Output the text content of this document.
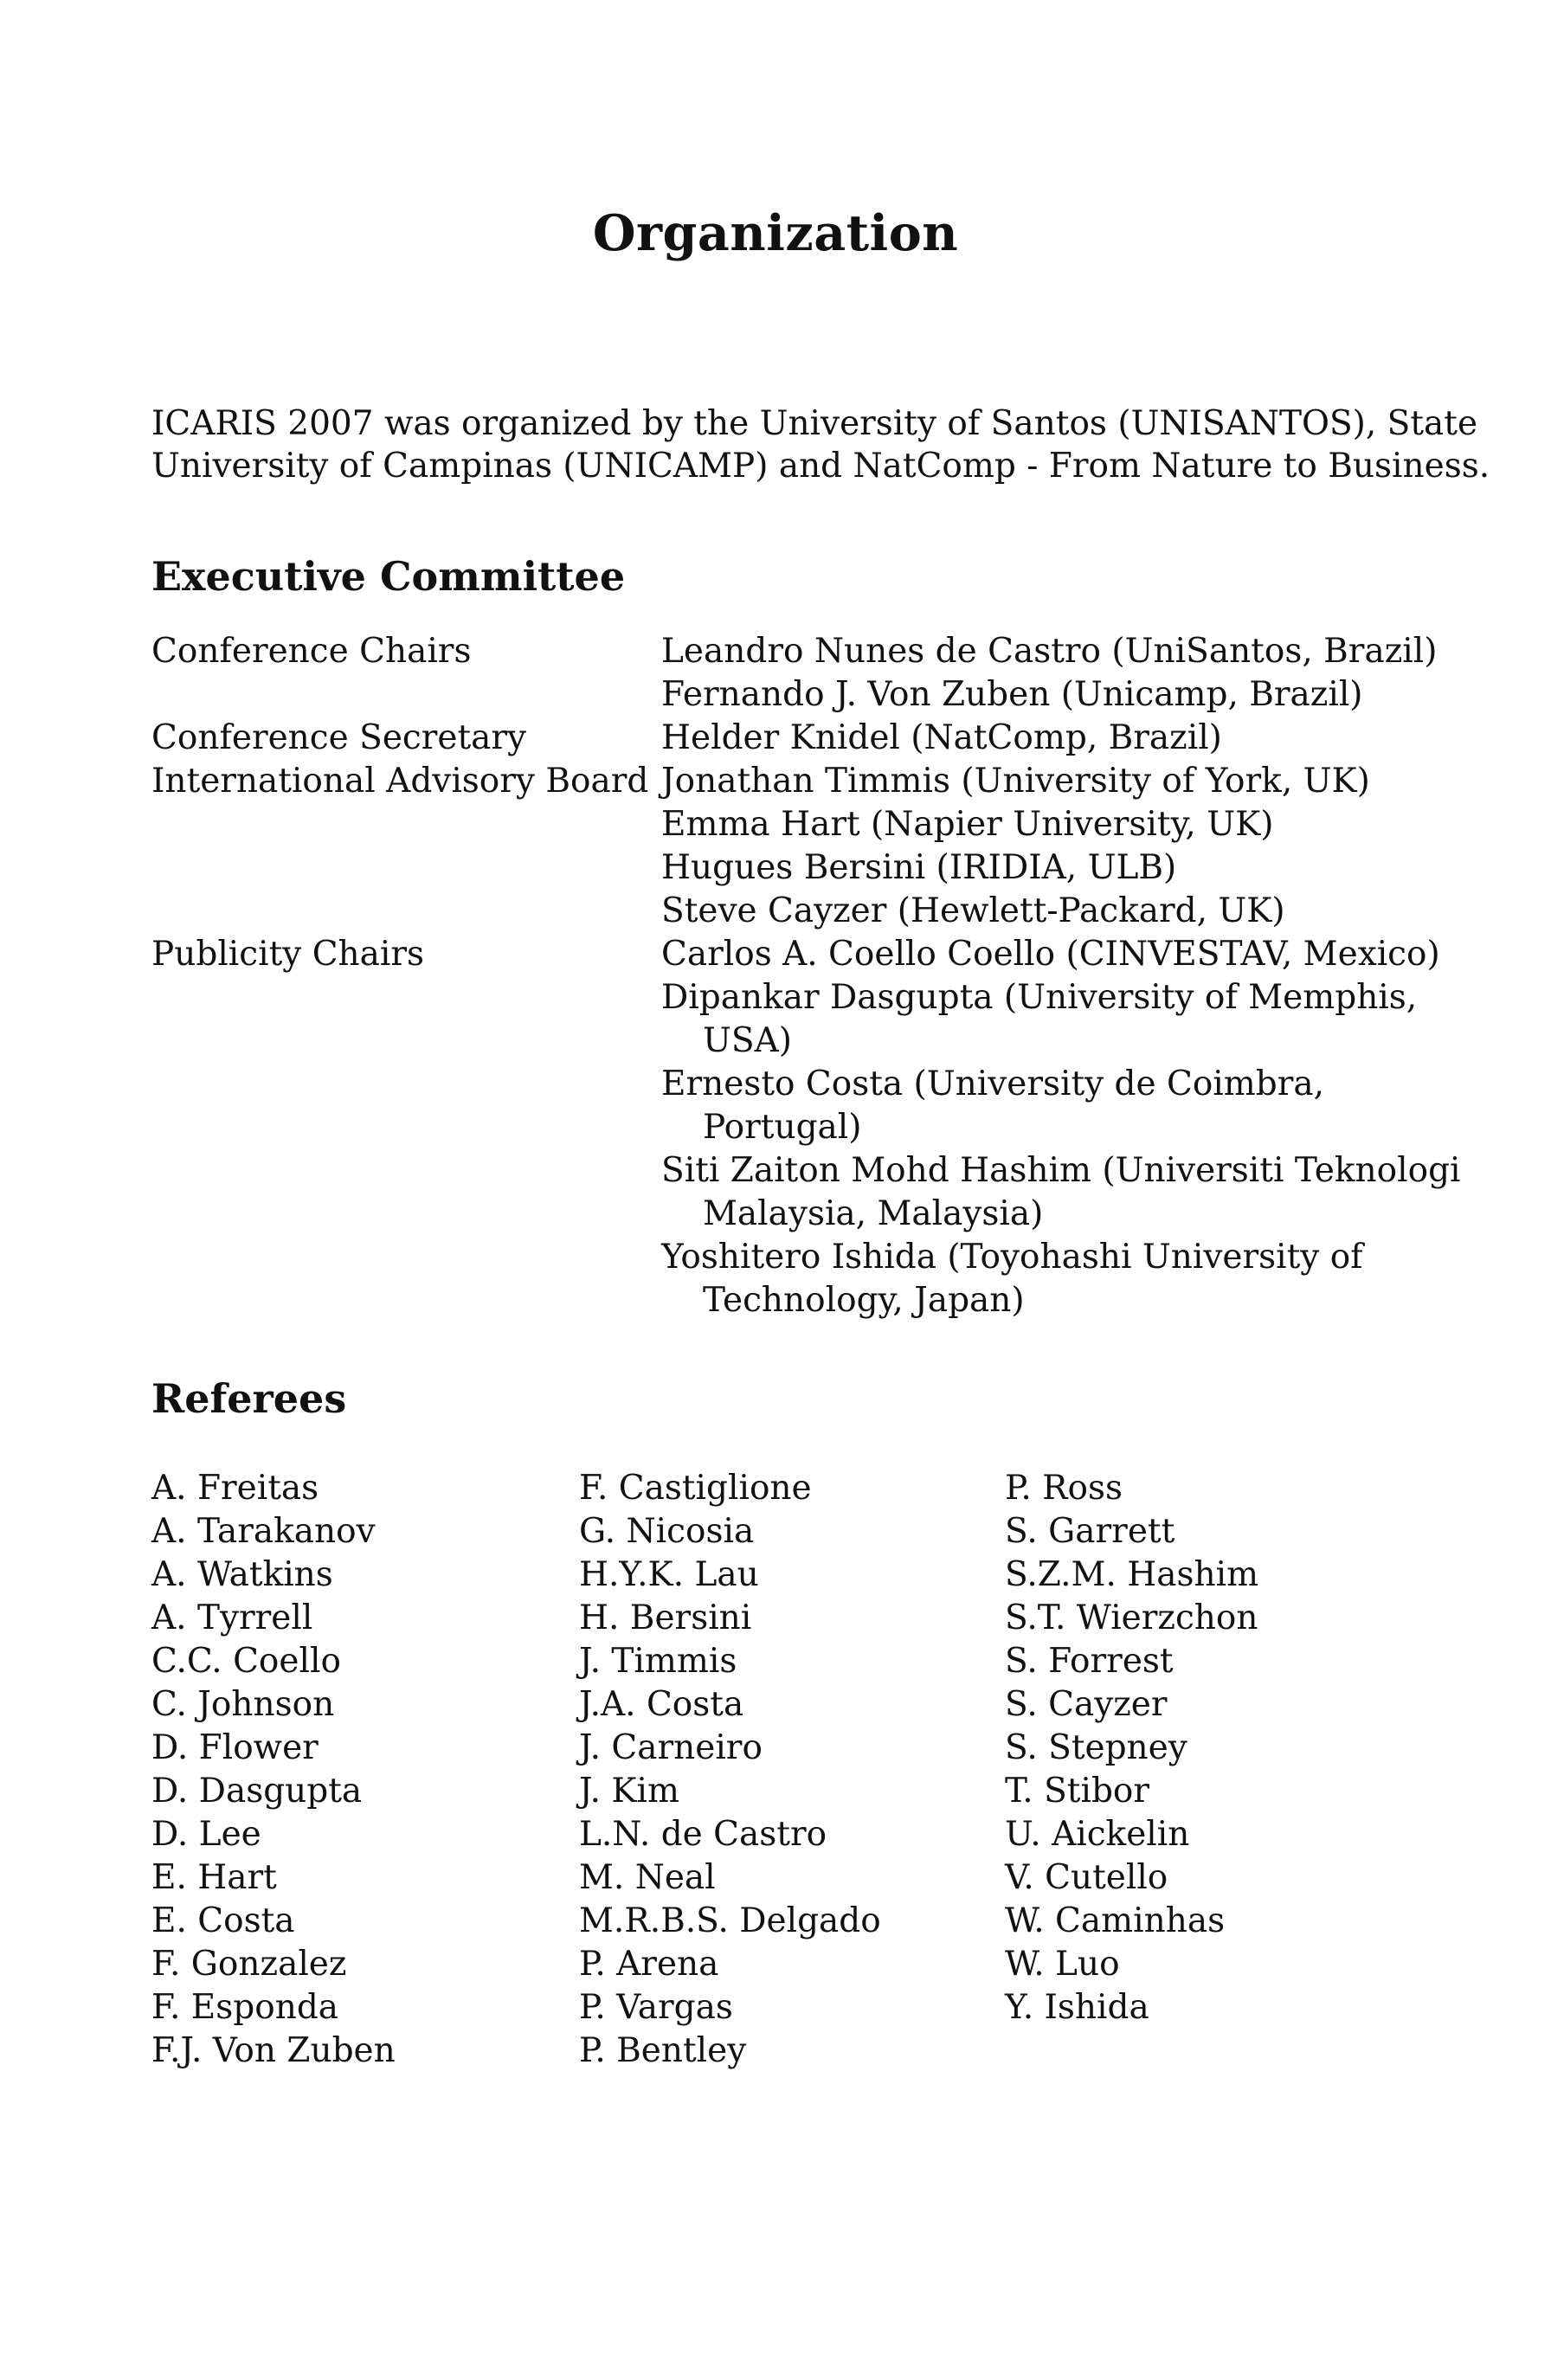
Organization

ICARIS 2007 was organized by the University of Santos (UNISANTOS), State
University of Campinas (UNICAMP) and NatComp - From Nature to Business.

Executive Committee
Conference Chairs	Leandro Nunes de Castro (UniSantos, Brazil)
Fernando J. Von Zuben (Unicamp, Brazil)
Conference Secretary	Helder Knidel (NatComp, Brazil)
International Advisory Board Jonathan Timmis (University of York, UK)
Emma Hart (Napier University, UK)
Hugues Bersini (IRIDIA, ULB)
Steve Cayzer (Hewlett-Packard, UK)
Publicity Chairs	Carlos A. Coello Coello (CINVESTAV, Mexico)
Dipankar Dasgupta (University of Memphis,
USA)
Ernesto Costa (University de Coimbra,
Portugal)
Siti Zaiton Mohd Hashim (Universiti Teknologi
Malaysia, Malaysia)
Yoshitero Ishida (Toyohashi University of
Technology, Japan)
Referees
A. Freitas
A. Tarakanov
A. Watkins
A. Tyrrell
C.C. Coello
C. Johnson
D. Flower
D. Dasgupta
D. Lee
E. Hart
E. Costa
F. Gonzalez
F. Esponda
F.J. Von Zuben
F. Castiglione
G. Nicosia
H.Y.K. Lau
H. Bersini
J. Timmis
J.A. Costa
J. Carneiro
J. Kim
L.N. de Castro
M. Neal
M.R.B.S. Delgado
P. Arena
P. Vargas
P. Bentley
P. Ross
S. Garrett
S.Z.M. Hashim
S.T. Wierzchon
S. Forrest
S. Cayzer
S. Stepney
T. Stibor
U. Aickelin
V. Cutello
W. Caminhas
W. Luo
Y. Ishida
